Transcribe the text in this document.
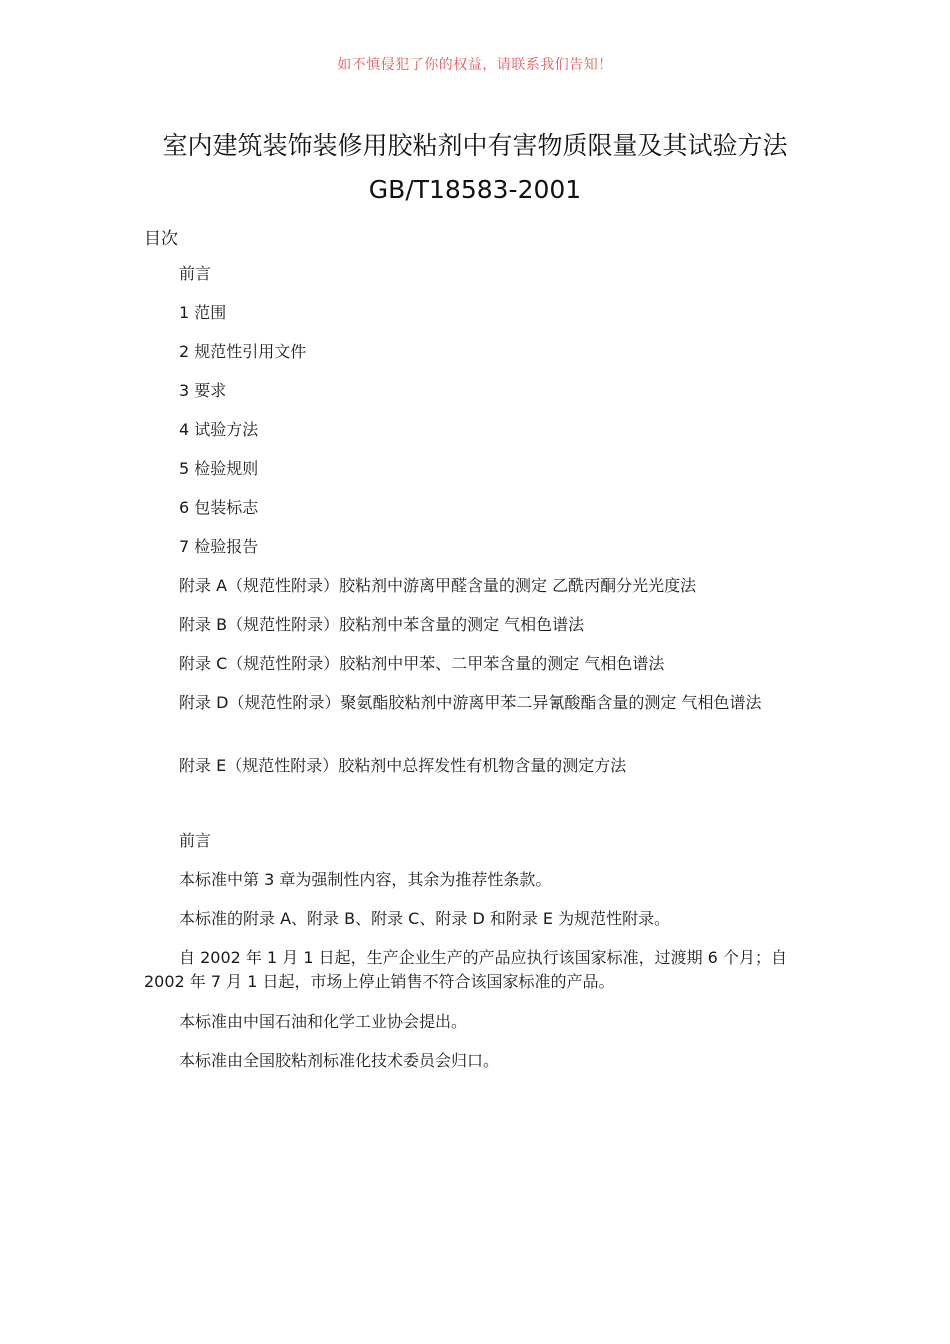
如不慎侵犯了你的权益，请联系我们告知！
室内建筑装饰装修用胶粘剂中有害物质限量及其试验方法
GB/T18583-2001
目次
前言
1 范围
2 规范性引用文件
3 要求
4 试验方法
5 检验规则
6 包装标志
7 检验报告
附录 A（规范性附录）胶粘剂中游离甲醛含量的测定 乙酰丙酮分光光度法
附录 B（规范性附录）胶粘剂中苯含量的测定 气相色谱法
附录 C（规范性附录）胶粘剂中甲苯、二甲苯含量的测定 气相色谱法
附录 D（规范性附录）聚氨酯胶粘剂中游离甲苯二异氰酸酯含量的测定 气相色谱法
附录 E（规范性附录）胶粘剂中总挥发性有机物含量的测定方法
前言
本标准中第 3 章为强制性内容，其余为推荐性条款。
本标准的附录 A、附录 B、附录 C、附录 D 和附录 E 为规范性附录。
自 2002 年 1 月 1 日起，生产企业生产的产品应执行该国家标准，过渡期 6 个月；自 2002 年 7 月 1 日起，市场上停止销售不符合该国家标准的产品。
本标准由中国石油和化学工业协会提出。
本标准由全国胶粘剂标准化技术委员会归口。
